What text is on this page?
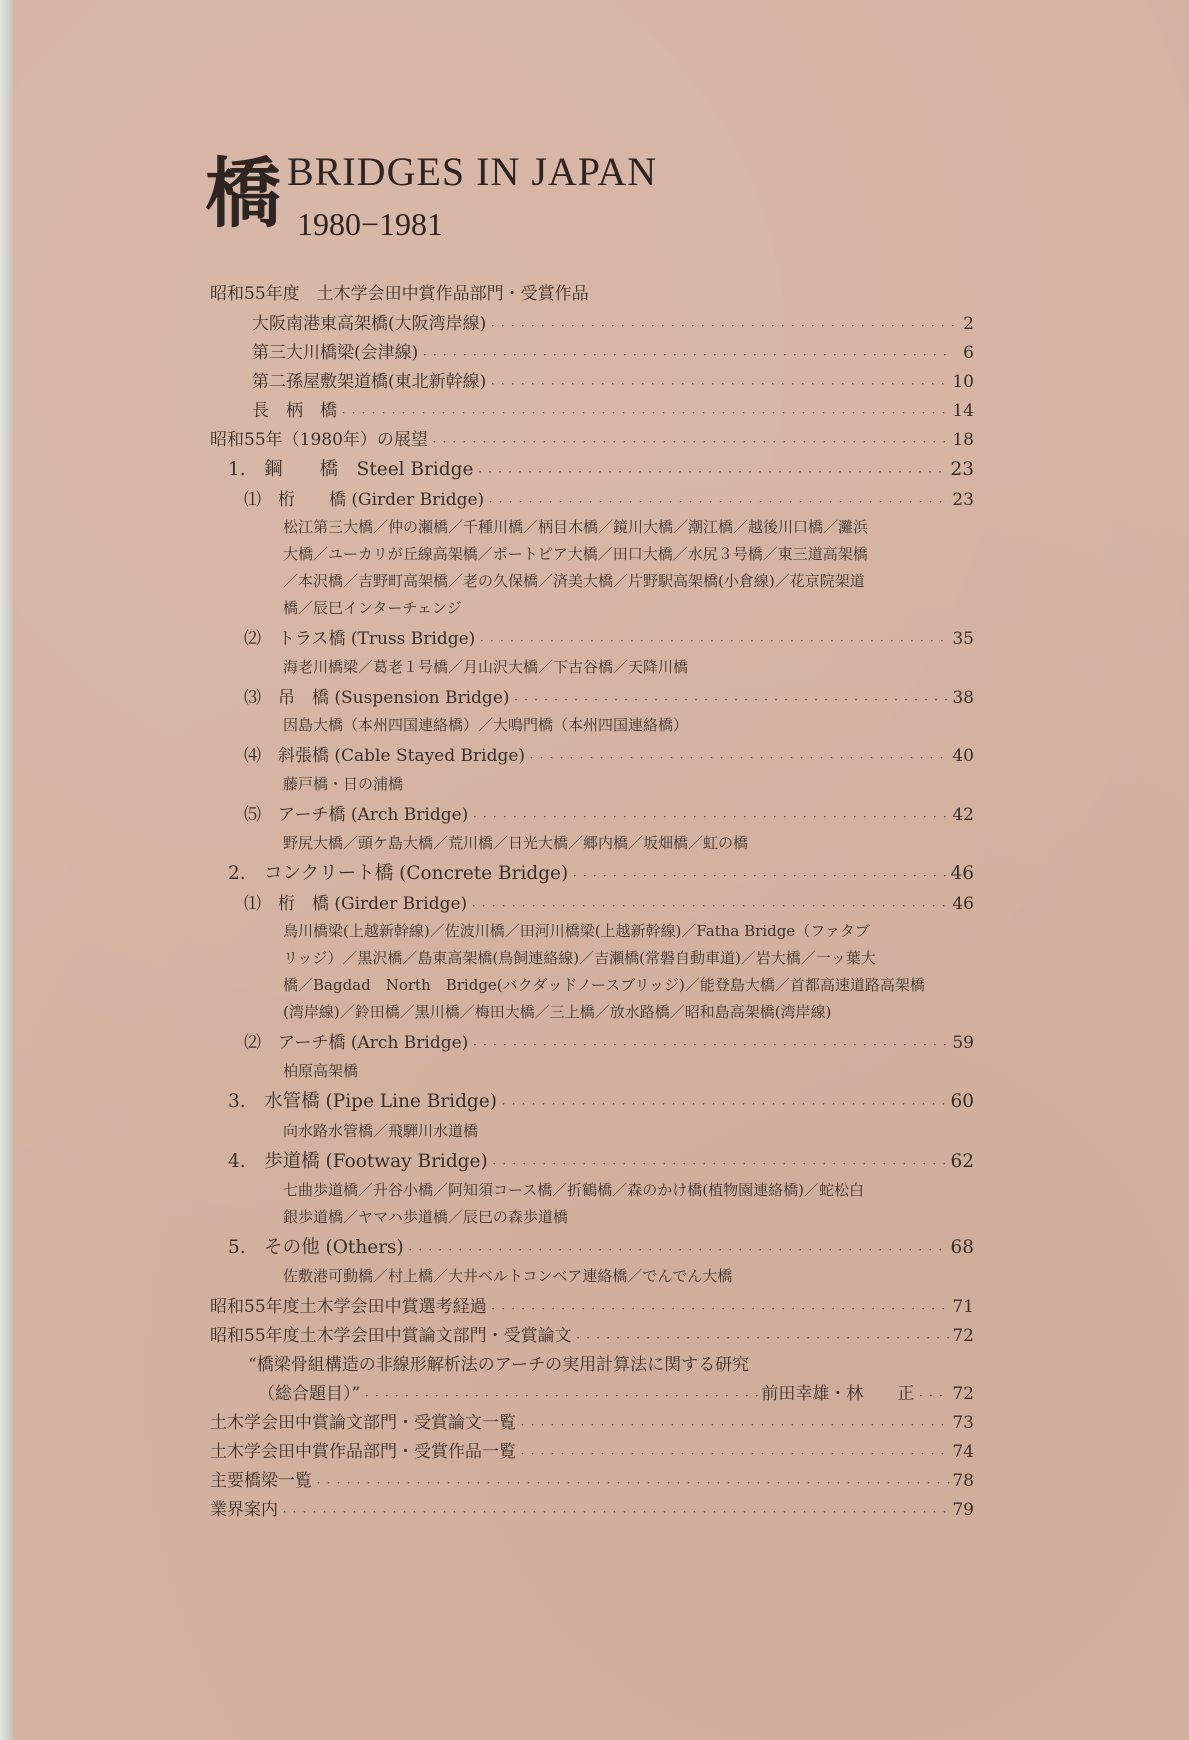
橋 BRIDGES IN JAPAN
1980−1981
昭和55年度　土木学会田中賞作品部門・受賞作品
大阪南港東高架橋(大阪湾岸線) ・・・・・・・・・・・・・・・・・・・・・・・・・・・・・・・・・・・・・・・・・・・・・・・・・・・・・・・・・・・・・・・・・・・・・・・・・・・・・・・・・・・・・・・・・・・・・・・・・・・・・・・・・	2
第三大川橋梁(会津線) ・・・・・・・・・・・・・・・・・・・・・・・・・・・・・・・・・・・・・・・・・・・・・・・・・・・・・・・・・・・・・・・・・・・・・・・・・・・・・・・・・・・・・・・・・・・・・・・・・・・・・・・・・	6
第二孫屋敷架道橋(東北新幹線) ・・・・・・・・・・・・・・・・・・・・・・・・・・・・・・・・・・・・・・・・・・・・・・・・・・・・・・・・・・・・・・・・・・・・・・・・・・・・・・・・・・・・・・・・・・・・・・・・・・・・・・・・・	10
長　柄　橋 ・・・・・・・・・・・・・・・・・・・・・・・・・・・・・・・・・・・・・・・・・・・・・・・・・・・・・・・・・・・・・・・・・・・・・・・・・・・・・・・・・・・・・・・・・・・・・・・・・・・・・・・・・	14
昭和55年（1980年）の展望 ・・・・・・・・・・・・・・・・・・・・・・・・・・・・・・・・・・・・・・・・・・・・・・・・・・・・・・・・・・・・・・・・・・・・・・・・・・・・・・・・・・・・・・・・・・・・・・・・・・・・・・・・・	18
1.　鋼　　橋　Steel Bridge ・・・・・・・・・・・・・・・・・・・・・・・・・・・・・・・・・・・・・・・・・・・・・・・・・・・・・・・・・・・・・・・・・・・・・・・・・・・・・・・・・・・・・・・・・・・・・・・・・・・・・・・・・	23
⑴　桁　　橋 (Girder Bridge) ・・・・・・・・・・・・・・・・・・・・・・・・・・・・・・・・・・・・・・・・・・・・・・・・・・・・・・・・・・・・・・・・・・・・・・・・・・・・・・・・・・・・・・・・・・・・・・・・・・・・・・・・・	23
松江第三大橋／仲の瀬橋／千種川橋／柄目木橋／鏡川大橋／潮江橋／越後川口橋／灘浜
大橋／ユーカリが丘線高架橋／ポートピア大橋／田口大橋／水尻３号橋／東三道高架橋
／本沢橋／吉野町高架橋／老の久保橋／済美大橋／片野駅高架橋(小倉線)／花京院架道
橋／辰巳インターチェンジ
⑵　トラス橋 (Truss Bridge) ・・・・・・・・・・・・・・・・・・・・・・・・・・・・・・・・・・・・・・・・・・・・・・・・・・・・・・・・・・・・・・・・・・・・・・・・・・・・・・・・・・・・・・・・・・・・・・・・・・・・・・・・・	35
海老川橋梁／葛老１号橋／月山沢大橋／下古谷橋／天降川橋
⑶　吊　橋 (Suspension Bridge) ・・・・・・・・・・・・・・・・・・・・・・・・・・・・・・・・・・・・・・・・・・・・・・・・・・・・・・・・・・・・・・・・・・・・・・・・・・・・・・・・・・・・・・・・・・・・・・・・・・・・・・・・・	38
因島大橋（本州四国連絡橋）／大鳴門橋（本州四国連絡橋）
⑷　斜張橋 (Cable Stayed Bridge) ・・・・・・・・・・・・・・・・・・・・・・・・・・・・・・・・・・・・・・・・・・・・・・・・・・・・・・・・・・・・・・・・・・・・・・・・・・・・・・・・・・・・・・・・・・・・・・・・・・・・・・・・・	40
藤戸橋・日の浦橋
⑸　アーチ橋 (Arch Bridge) ・・・・・・・・・・・・・・・・・・・・・・・・・・・・・・・・・・・・・・・・・・・・・・・・・・・・・・・・・・・・・・・・・・・・・・・・・・・・・・・・・・・・・・・・・・・・・・・・・・・・・・・・・	42
野尻大橋／頭ケ島大橋／荒川橋／日光大橋／郷内橋／坂畑橋／虹の橋
2.　コンクリート橋 (Concrete Bridge) ・・・・・・・・・・・・・・・・・・・・・・・・・・・・・・・・・・・・・・・・・・・・・・・・・・・・・・・・・・・・・・・・・・・・・・・・・・・・・・・・・・・・・・・・・・・・・・・・・・・・・・・・・	46
⑴　桁　橋 (Girder Bridge) ・・・・・・・・・・・・・・・・・・・・・・・・・・・・・・・・・・・・・・・・・・・・・・・・・・・・・・・・・・・・・・・・・・・・・・・・・・・・・・・・・・・・・・・・・・・・・・・・・・・・・・・・・	46
鳥川橋梁(上越新幹線)／佐波川橋／田河川橋梁(上越新幹線)／Fatha Bridge（ファタブ
リッジ）／黒沢橋／島東高架橋(鳥飼連絡線)／吉瀬橋(常磐自動車道)／岩大橋／一ッ葉大
橋／Bagdad　North　Bridge(バクダッドノースブリッジ)／能登島大橋／首都高速道路高架橋
(湾岸線)／鈴田橋／黒川橋／梅田大橋／三上橋／放水路橋／昭和島高架橋(湾岸線)
⑵　アーチ橋 (Arch Bridge) ・・・・・・・・・・・・・・・・・・・・・・・・・・・・・・・・・・・・・・・・・・・・・・・・・・・・・・・・・・・・・・・・・・・・・・・・・・・・・・・・・・・・・・・・・・・・・・・・・・・・・・・・・	59
柏原高架橋
3.　水管橋 (Pipe Line Bridge) ・・・・・・・・・・・・・・・・・・・・・・・・・・・・・・・・・・・・・・・・・・・・・・・・・・・・・・・・・・・・・・・・・・・・・・・・・・・・・・・・・・・・・・・・・・・・・・・・・・・・・・・・・	60
向水路水管橋／飛騨川水道橋
4.　歩道橋 (Footway Bridge) ・・・・・・・・・・・・・・・・・・・・・・・・・・・・・・・・・・・・・・・・・・・・・・・・・・・・・・・・・・・・・・・・・・・・・・・・・・・・・・・・・・・・・・・・・・・・・・・・・・・・・・・・・	62
七曲歩道橋／升谷小橋／阿知須コース橋／折鶴橋／森のかけ橋(植物園連絡橋)／蛇松白
銀歩道橋／ヤマハ歩道橋／辰巳の森歩道橋
5.　その他 (Others) ・・・・・・・・・・・・・・・・・・・・・・・・・・・・・・・・・・・・・・・・・・・・・・・・・・・・・・・・・・・・・・・・・・・・・・・・・・・・・・・・・・・・・・・・・・・・・・・・・・・・・・・・・	68
佐敷港可動橋／村上橋／大井ベルトコンベア連絡橋／でんでん大橋
昭和55年度土木学会田中賞選考経過 ・・・・・・・・・・・・・・・・・・・・・・・・・・・・・・・・・・・・・・・・・・・・・・・・・・・・・・・・・・・・・・・・・・・・・・・・・・・・・・・・・・・・・・・・・・・・・・・・・・・・・・・・・	71
昭和55年度土木学会田中賞論文部門・受賞論文 ・・・・・・・・・・・・・・・・・・・・・・・・・・・・・・・・・・・・・・・・・・・・・・・・・・・・・・・・・・・・・・・・・・・・・・・・・・・・・・・・・・・・・・・・・・・・・・・・・・・・・・・・・	72
“橋梁骨組構造の非線形解析法のアーチの実用計算法に関する研究
（総合題目）” ・・・・・・・・・・・・・・・・・・・・・・・・・・・・・・・・・・・・・・・・・・・・・・・・・・・・・・・・・・・・・・・・・・・・・・・・・・・・・・・・・・・・・・・・・・・・・・・・・・・・・・・・・	前田幸雄・林　　正 ・・・・・・・・・・・・・・・・・・・・・・・・・・・・・・・・・・・・・・・・・・・・・・・・・・・・・・・・・・・・・・・・・・・・・・・・・・・・・・・・・・・・・・・・・・・・・・・・・・・・・・・・・ 72
土木学会田中賞論文部門・受賞論文一覧 ・・・・・・・・・・・・・・・・・・・・・・・・・・・・・・・・・・・・・・・・・・・・・・・・・・・・・・・・・・・・・・・・・・・・・・・・・・・・・・・・・・・・・・・・・・・・・・・・・・・・・・・・・	73
土木学会田中賞作品部門・受賞作品一覧 ・・・・・・・・・・・・・・・・・・・・・・・・・・・・・・・・・・・・・・・・・・・・・・・・・・・・・・・・・・・・・・・・・・・・・・・・・・・・・・・・・・・・・・・・・・・・・・・・・・・・・・・・・	74
主要橋梁一覧 ・・・・・・・・・・・・・・・・・・・・・・・・・・・・・・・・・・・・・・・・・・・・・・・・・・・・・・・・・・・・・・・・・・・・・・・・・・・・・・・・・・・・・・・・・・・・・・・・・・・・・・・・・	78
業界案内 ・・・・・・・・・・・・・・・・・・・・・・・・・・・・・・・・・・・・・・・・・・・・・・・・・・・・・・・・・・・・・・・・・・・・・・・・・・・・・・・・・・・・・・・・・・・・・・・・・・・・・・・・・	79
